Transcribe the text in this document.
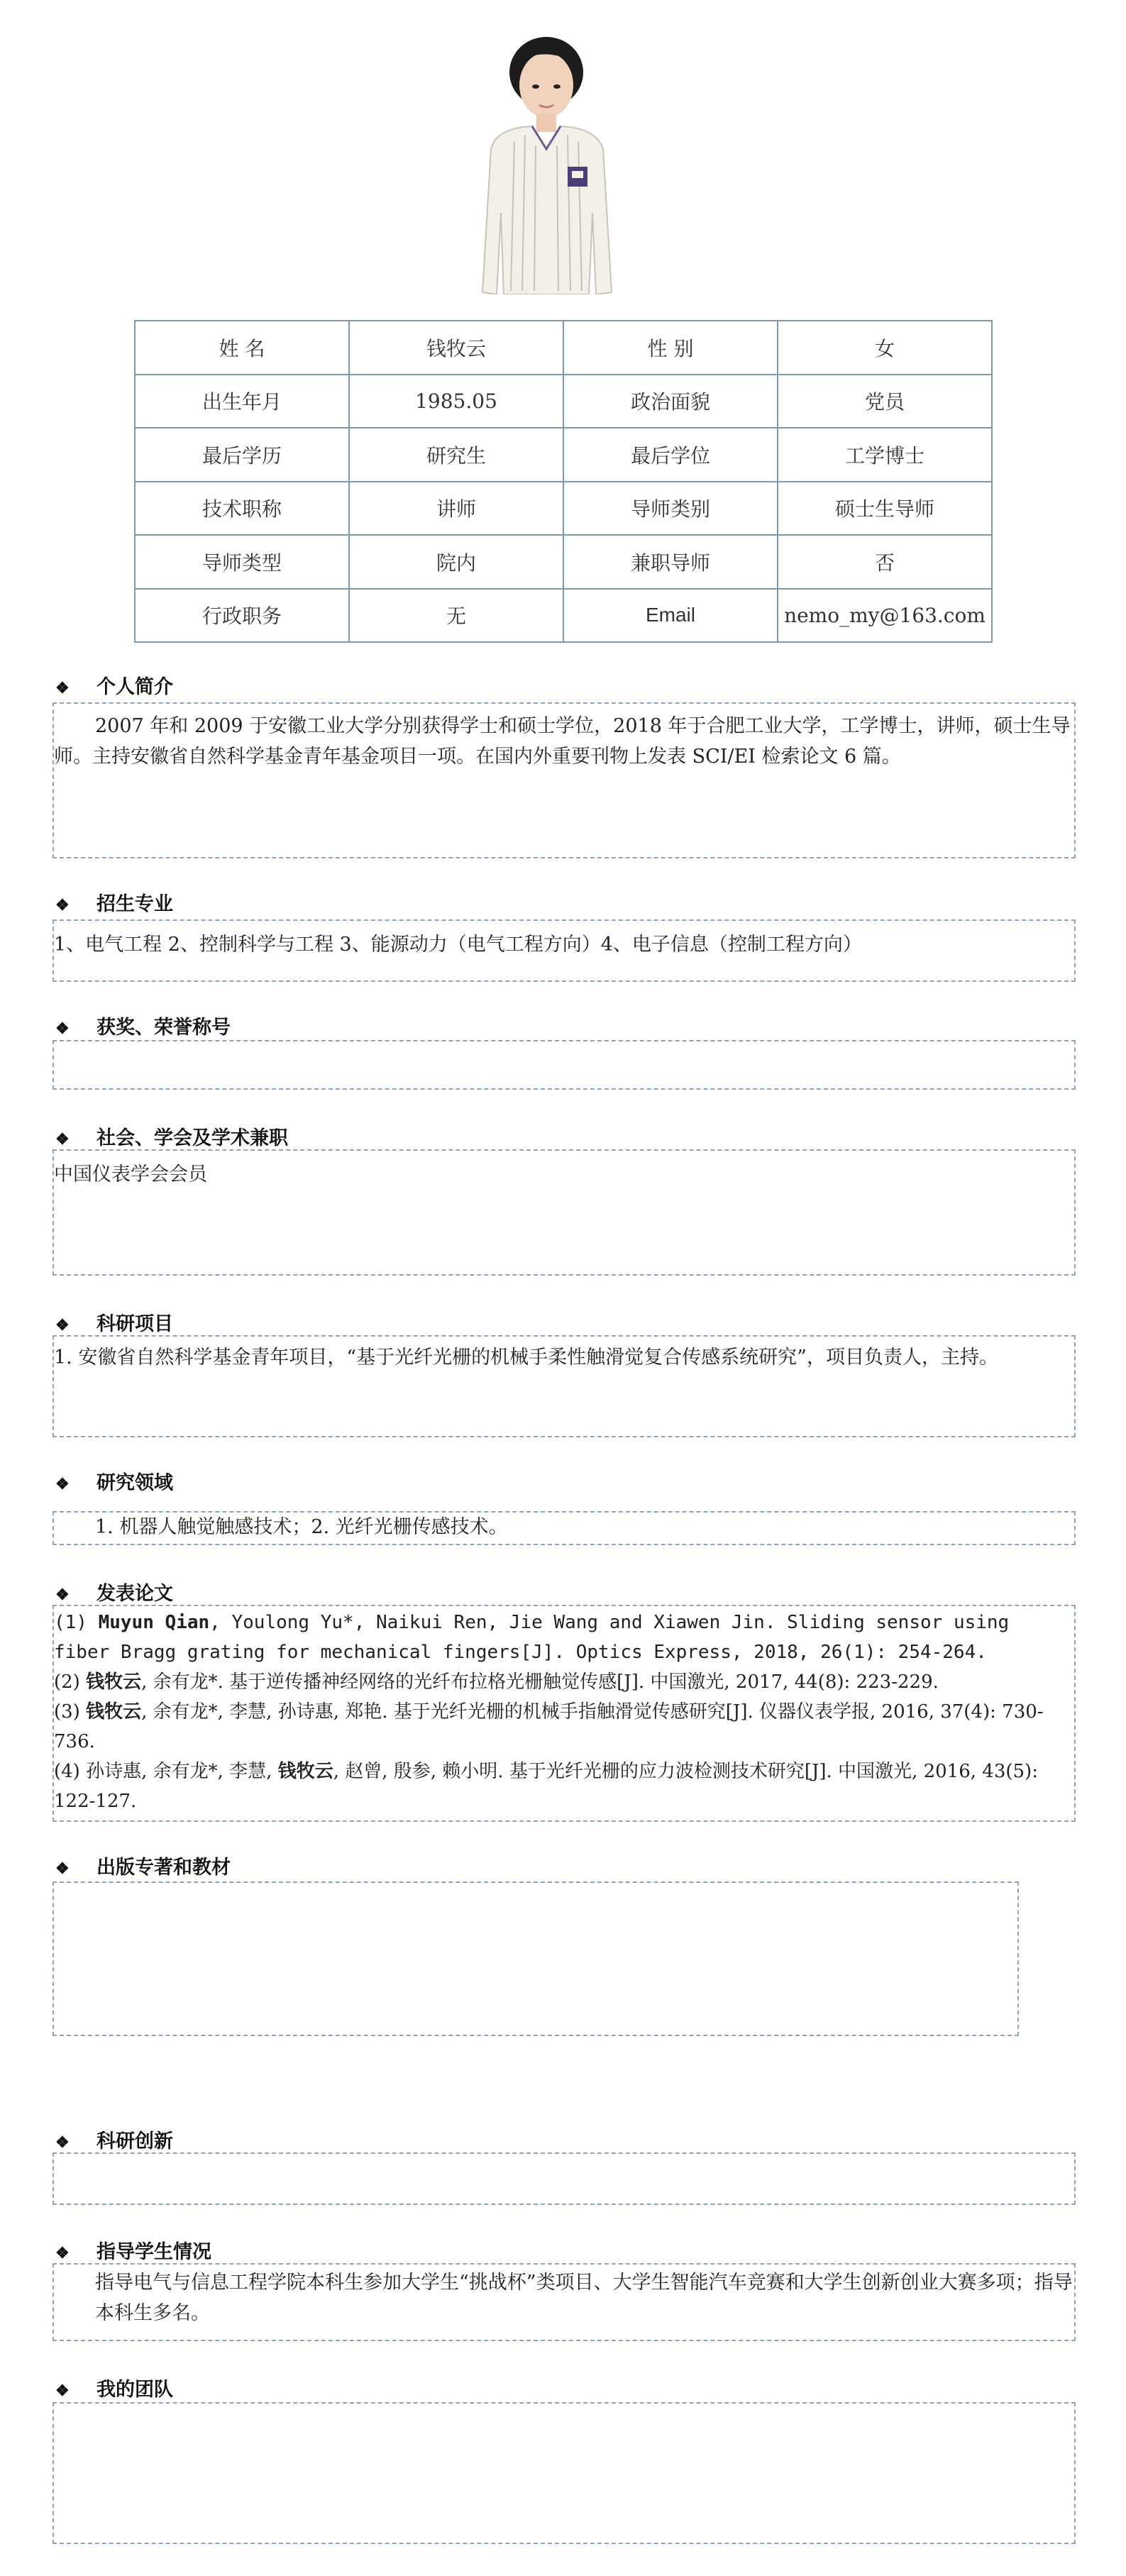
姓 名	钱牧云	性 别	女
出生年月	1985.05	政治面貌	党员
最后学历	研究生	最后学位	工学博士
技术职称	讲师	导师类别	硕士生导师
导师类型	院内	兼职导师	否
行政职务	无	Email	nemo_my@163.com
❖ 个人简介

2007 年和 2009 于安徽工业大学分别获得学士和硕士学位，2018 年于合肥工业大学，工学博士，讲师，硕士生导师。主持安徽省自然科学基金青年基金项目一项。在国内外重要刊物上发表 SCI/EI 检索论文 6 篇。

❖ 招生专业

1、电气工程 2、控制科学与工程 3、能源动力（电气工程方向）4、电子信息（控制工程方向）

❖ 获奖、荣誉称号
❖ 社会、学会及学术兼职

中国仪表学会会员

❖ 科研项目

1. 安徽省自然科学基金青年项目，“基于光纤光栅的机械手柔性触滑觉复合传感系统研究”，项目负责人，主持。

❖ 研究领域

1. 机器人触觉触感技术；2. 光纤光栅传感技术。

❖ 发表论文

(1) Muyun Qian, Youlong Yu*, Naikui Ren, Jie Wang and Xiawen Jin. Sliding sensor using fiber Bragg grating for mechanical fingers[J]. Optics Express, 2018, 26(1): 254-264.

(2) 钱牧云, 余有龙*. 基于逆传播神经网络的光纤布拉格光栅触觉传感[J]. 中国激光, 2017, 44(8): 223-229.

(3) 钱牧云, 余有龙*, 李慧, 孙诗惠, 郑艳. 基于光纤光栅的机械手指触滑觉传感研究[J]. 仪器仪表学报, 2016, 37(4): 730-736.

(4) 孙诗惠, 余有龙*, 李慧, 钱牧云, 赵曾, 殷参, 赖小明. 基于光纤光栅的应力波检测技术研究[J]. 中国激光, 2016, 43(5): 122-127.

❖ 出版专著和教材
❖ 科研创新
❖ 指导学生情况

指导电气与信息工程学院本科生参加大学生“挑战杯”类项目、大学生智能汽车竞赛和大学生创新创业大赛多项；指导本科生多名。

❖ 我的团队
